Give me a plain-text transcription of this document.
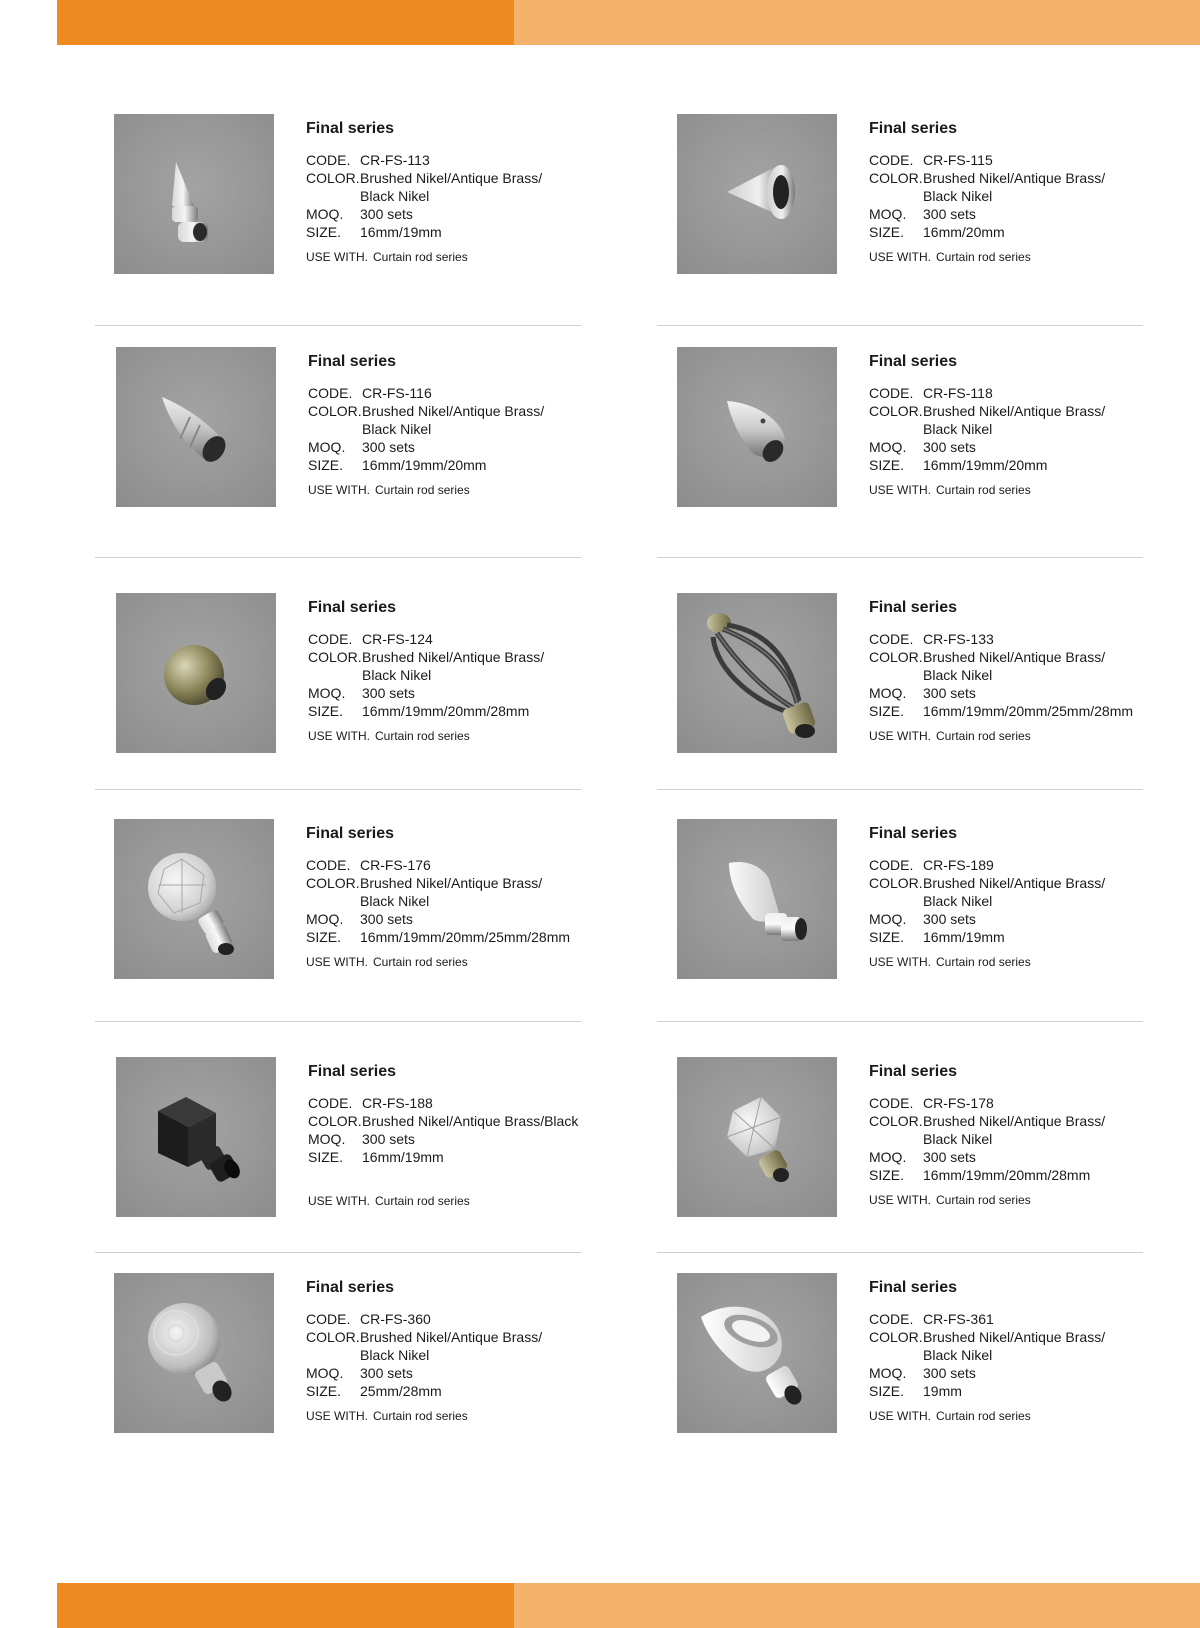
Final series
CODE. CR-FS-113
COLOR. Brushed Nikel/Antique Brass/
Black Nikel
MOQ.	300 sets
SIZE.	16mm/19mm
USE WITH. Curtain rod series
Final series
CODE. CR-FS-115
COLOR. Brushed Nikel/Antique Brass/
Black Nikel
MOQ.	300 sets
SIZE.	16mm/20mm
USE WITH. Curtain rod series
Final series
CODE. CR-FS-116
COLOR. Brushed Nikel/Antique Brass/
Black Nikel
MOQ.	300 sets
SIZE.	16mm/19mm/20mm
USE WITH. Curtain rod series
Final series
CODE. CR-FS-118
COLOR. Brushed Nikel/Antique Brass/
Black Nikel
MOQ.	300 sets
SIZE.	16mm/19mm/20mm
USE WITH. Curtain rod series
Final series
CODE. CR-FS-124
COLOR. Brushed Nikel/Antique Brass/
Black Nikel
MOQ.	300 sets
SIZE.	16mm/19mm/20mm/28mm
USE WITH. Curtain rod series
Final series
CODE. CR-FS-133
COLOR. Brushed Nikel/Antique Brass/
Black Nikel
MOQ.	300 sets
SIZE.	16mm/19mm/20mm/25mm/28mm
USE WITH. Curtain rod series
Final series
CODE. CR-FS-176
COLOR. Brushed Nikel/Antique Brass/
Black Nikel
MOQ.	300 sets
SIZE.	16mm/19mm/20mm/25mm/28mm
USE WITH. Curtain rod series
Final series
CODE. CR-FS-189
COLOR. Brushed Nikel/Antique Brass/
Black Nikel
MOQ.	300 sets
SIZE.	16mm/19mm
USE WITH. Curtain rod series
Final series
CODE. CR-FS-188
COLOR. Brushed Nikel/Antique Brass/Black
MOQ.	300 sets
SIZE.	16mm/19mm
USE WITH. Curtain rod series
Final series
CODE. CR-FS-178
COLOR. Brushed Nikel/Antique Brass/
Black Nikel
MOQ.	300 sets
SIZE.	16mm/19mm/20mm/28mm
USE WITH. Curtain rod series
Final series
CODE. CR-FS-360
COLOR. Brushed Nikel/Antique Brass/
Black Nikel
MOQ.	300 sets
SIZE.	25mm/28mm
USE WITH. Curtain rod series
Final series
CODE. CR-FS-361
COLOR. Brushed Nikel/Antique Brass/
Black Nikel
MOQ.	300 sets
SIZE.	19mm
USE WITH. Curtain rod series
